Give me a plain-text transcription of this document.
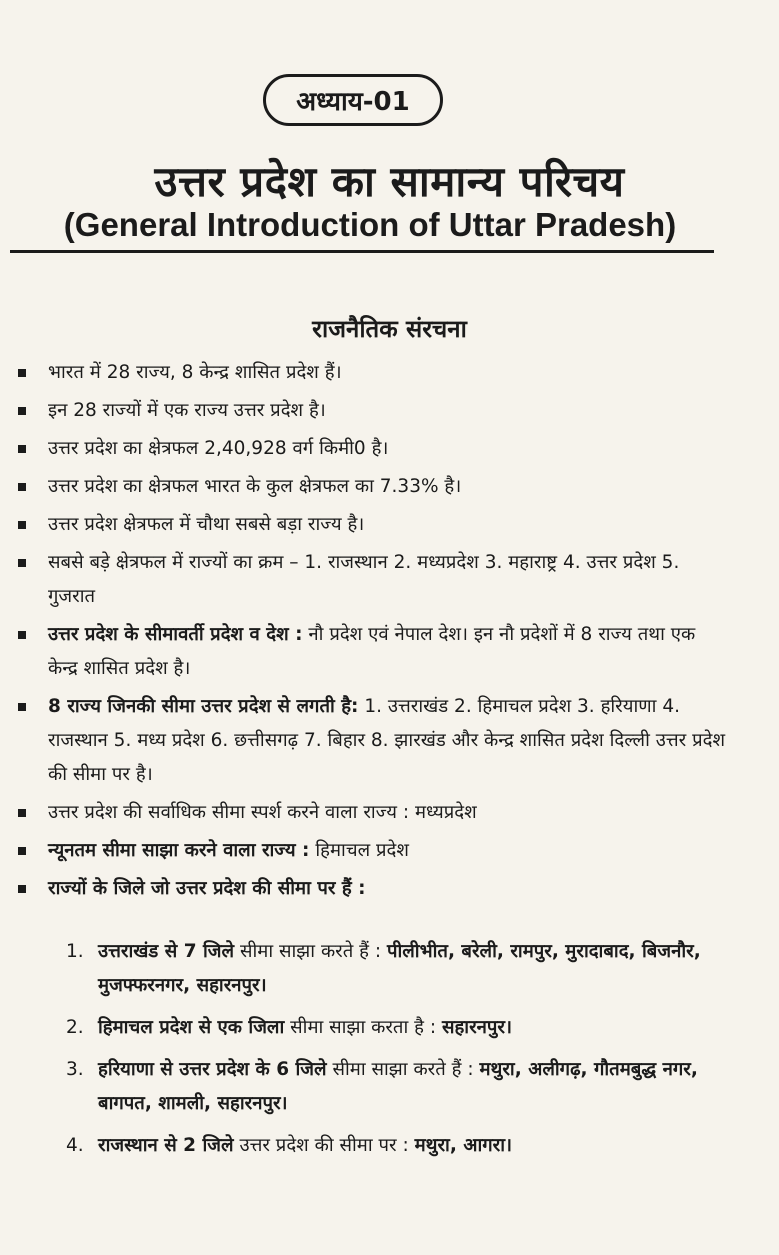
अध्याय-01
उत्तर प्रदेश का सामान्य परिचय
(General Introduction of Uttar Pradesh)
राजनैतिक संरचना
भारत में 28 राज्य, 8 केन्द्र शासित प्रदेश हैं।
इन 28 राज्यों में एक राज्य उत्तर प्रदेश है।
उत्तर प्रदेश का क्षेत्रफल 2,40,928 वर्ग किमी0 है।
उत्तर प्रदेश का क्षेत्रफल भारत के कुल क्षेत्रफल का 7.33% है।
उत्तर प्रदेश क्षेत्रफल में चौथा सबसे बड़ा राज्य है।
सबसे बड़े क्षेत्रफल में राज्यों का क्रम – 1. राजस्थान 2. मध्यप्रदेश 3. महाराष्ट्र 4. उत्तर प्रदेश 5. गुजरात
उत्तर प्रदेश के सीमावर्ती प्रदेश व देश : नौ प्रदेश एवं नेपाल देश। इन नौ प्रदेशों में 8 राज्य तथा एक केन्द्र शासित प्रदेश है।
8 राज्य जिनकी सीमा उत्तर प्रदेश से लगती है: 1. उत्तराखंड 2. हिमाचल प्रदेश 3. हरियाणा 4. राजस्थान 5. मध्य प्रदेश 6. छत्तीसगढ़ 7. बिहार 8. झारखंड और केन्द्र शासित प्रदेश दिल्ली उत्तर प्रदेश की सीमा पर है।
उत्तर प्रदेश की सर्वाधिक सीमा स्पर्श करने वाला राज्य : मध्यप्रदेश
न्यूनतम सीमा साझा करने वाला राज्य : हिमाचल प्रदेश
राज्यों के जिले जो उत्तर प्रदेश की सीमा पर हैं :
1. उत्तराखंड से 7 जिले सीमा साझा करते हैं : पीलीभीत, बरेली, रामपुर, मुरादाबाद, बिजनौर, मुजफ्फरनगर, सहारनपुर।
2. हिमाचल प्रदेश से एक जिला सीमा साझा करता है : सहारनपुर।
3. हरियाणा से उत्तर प्रदेश के 6 जिले सीमा साझा करते हैं : मथुरा, अलीगढ़, गौतमबुद्ध नगर, बागपत, शामली, सहारनपुर।
4. राजस्थान से 2 जिले उत्तर प्रदेश की सीमा पर : मथुरा, आगरा।
